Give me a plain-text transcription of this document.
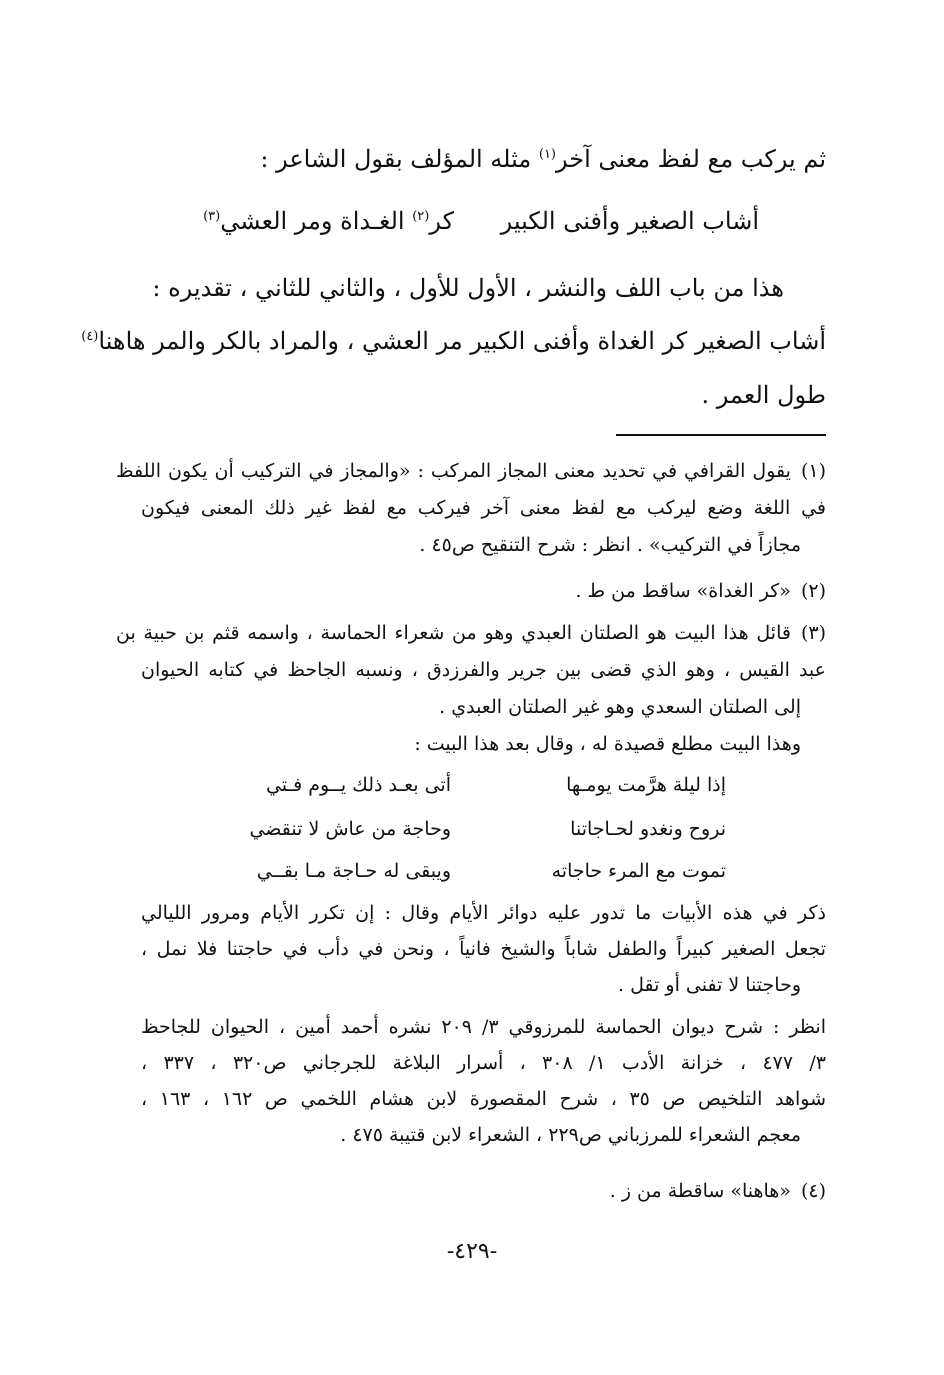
ثم يركب مع لفظ معنى آخر$^{(١)}$ مثله المؤلف بقول الشاعر :
أشاب الصغير وأفنى الكبير
كر$^{(٢)}$ الغـداة ومر العشي$^{(٣)}$
هذا من باب اللف والنشر ، الأول للأول ، والثاني للثاني ، تقديره :
أشاب الصغير كر الغداة وأفنى الكبير مر العشي ، والمراد بالكر والمر هاهنا$^{(٤)}$
طول العمر .
(١)يقول القرافي في تحديد معنى المجاز المركب : «والمجاز في التركيب أن يكون اللفظ
في اللغة وضع ليركب مع لفظ معنى آخر فيركب مع لفظ غير ذلك المعنى فيكون
مجازاً في التركيب» . انظر : شرح التنقيح ص٤٥ .
(٢)«كر الغداة» ساقط من ط .
(٣)قائل هذا البيت هو الصلتان العبدي وهو من شعراء الحماسة ، واسمه قثم بن حبية بن
عبد القيس ، وهو الذي قضى بين جرير والفرزدق ، ونسبه الجاحظ في كتابه الحيوان
إلى الصلتان السعدي وهو غير الصلتان العبدي .
وهذا البيت مطلع قصيدة له ، وقال بعد هذا البيت :
إذا ليلة هرَّمت يومـها
أتى بعـد ذلك يــوم فـتي
نروح ونغدو لحـاجاتنا
وحاجة من عاش لا تنقضي
تموت مع المرء حاجاته
ويبقى له حـاجة مـا بقــي
ذكر في هذه الأبيات ما تدور عليه دوائر الأيام وقال : إن تكرر الأيام ومرور الليالي
تجعل الصغير كبيراً والطفل شاباً والشيخ فانياً ، ونحن في دأب في حاجتنا فلا نمل ،
وحاجتنا لا تفنى أو تقل .
انظر : شرح ديوان الحماسة للمرزوقي ٣/ ٢٠٩ نشره أحمد أمين ، الحيوان للجاحظ
٣/ ٤٧٧ ، خزانة الأدب ١/ ٣٠٨ ، أسرار البلاغة للجرجاني ص٣٢٠ ، ٣٣٧ ،
شواهد التلخيص ص ٣٥ ، شرح المقصورة لابن هشام اللخمي ص ١٦٢ ، ١٦٣ ،
معجم الشعراء للمرزباني ص٢٢٩ ، الشعراء لابن قتيبة ٤٧٥ .
(٤)«هاهنا» ساقطة من ز .
-٤٢٩-
